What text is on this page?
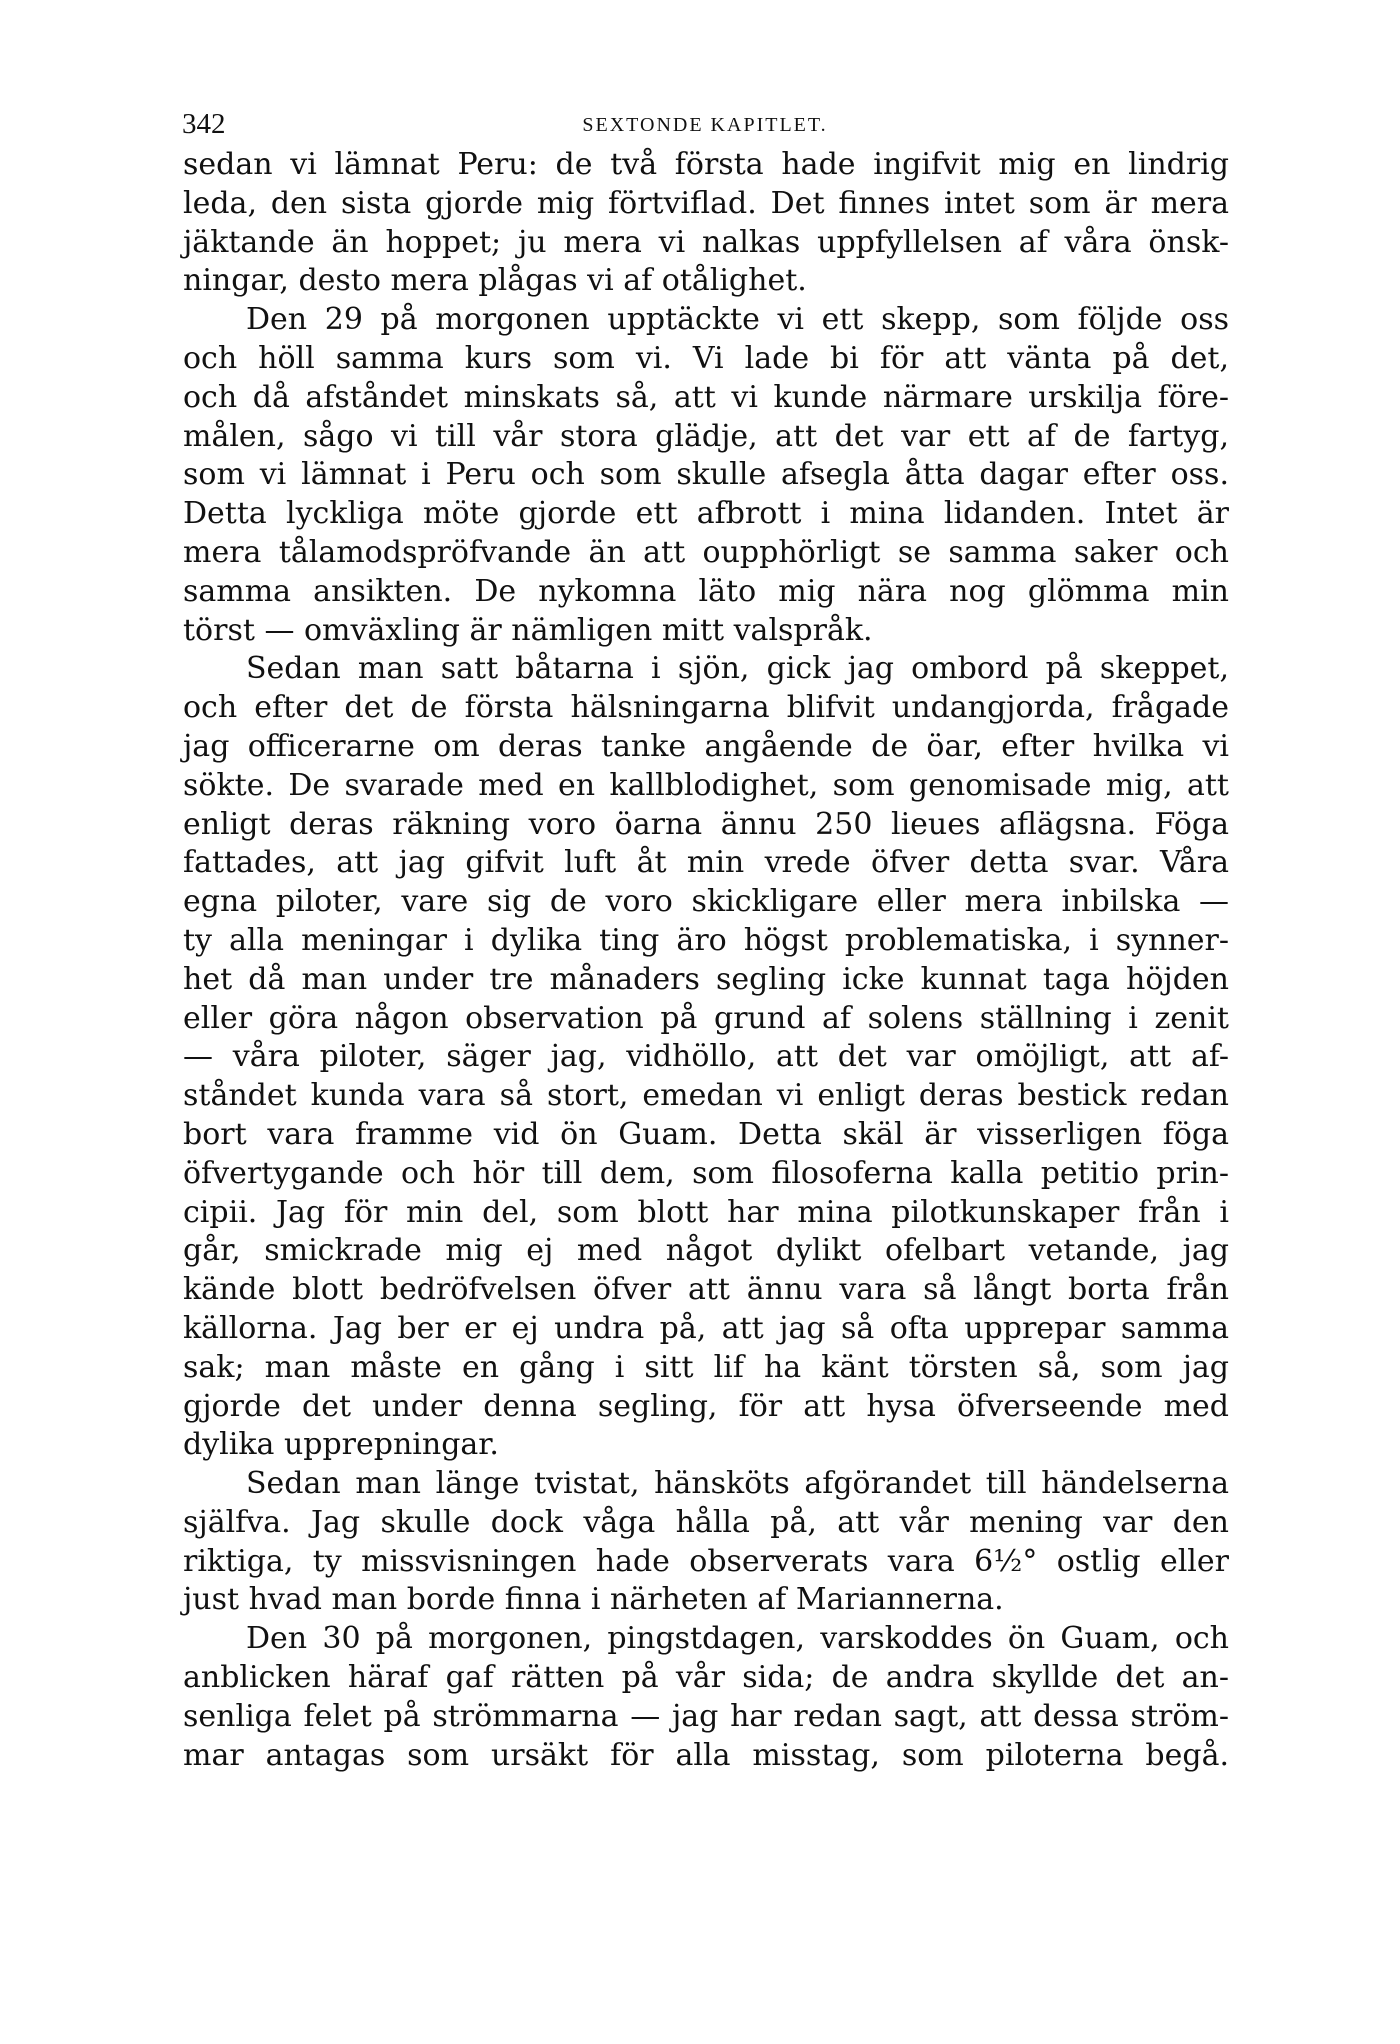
342	SEXTONDE KAPITLET.
sedan vi lämnat Peru: de två första hade ingifvit mig en lindrig
leda, den sista gjorde mig förtviflad. Det finnes intet som är mera
jäktande än hoppet; ju mera vi nalkas uppfyllelsen af våra önsk-
ningar, desto mera plågas vi af otålighet.
Den 29 på morgonen upptäckte vi ett skepp, som följde oss
och höll samma kurs som vi. Vi lade bi för att vänta på det,
och då afståndet minskats så, att vi kunde närmare urskilja före-
målen, sågo vi till vår stora glädje, att det var ett af de fartyg,
som vi lämnat i Peru och som skulle afsegla åtta dagar efter oss.
Detta lyckliga möte gjorde ett afbrott i mina lidanden. Intet är
mera tålamodspröfvande än att oupphörligt se samma saker och
samma ansikten. De nykomna läto mig nära nog glömma min
törst — omväxling är nämligen mitt valspråk.
Sedan man satt båtarna i sjön, gick jag ombord på skeppet,
och efter det de första hälsningarna blifvit undangjorda, frågade
jag officerarne om deras tanke angående de öar, efter hvilka vi
sökte. De svarade med en kallblodighet, som genomisade mig, att
enligt deras räkning voro öarna ännu 250 lieues aflägsna. Föga
fattades, att jag gifvit luft åt min vrede öfver detta svar. Våra
egna piloter, vare sig de voro skickligare eller mera inbilska —
ty alla meningar i dylika ting äro högst problematiska, i synner-
het då man under tre månaders segling icke kunnat taga höjden
eller göra någon observation på grund af solens ställning i zenit
— våra piloter, säger jag, vidhöllo, att det var omöjligt, att af-
ståndet kunda vara så stort, emedan vi enligt deras bestick redan
bort vara framme vid ön Guam. Detta skäl är visserligen föga
öfvertygande och hör till dem, som filosoferna kalla petitio prin-
cipii. Jag för min del, som blott har mina pilotkunskaper från i
går, smickrade mig ej med något dylikt ofelbart vetande, jag
kände blott bedröfvelsen öfver att ännu vara så långt borta från
källorna. Jag ber er ej undra på, att jag så ofta upprepar samma
sak; man måste en gång i sitt lif ha känt törsten så, som jag
gjorde det under denna segling, för att hysa öfverseende med
dylika upprepningar.
Sedan man länge tvistat, hänsköts afgörandet till händelserna
själfva. Jag skulle dock våga hålla på, att vår mening var den
riktiga, ty missvisningen hade observerats vara 6½° ostlig eller
just hvad man borde finna i närheten af Mariannerna.
Den 30 på morgonen, pingstdagen, varskoddes ön Guam, och
anblicken häraf gaf rätten på vår sida; de andra skyllde det an-
senliga felet på strömmarna — jag har redan sagt, att dessa ström-
mar antagas som ursäkt för alla misstag, som piloterna begå.
